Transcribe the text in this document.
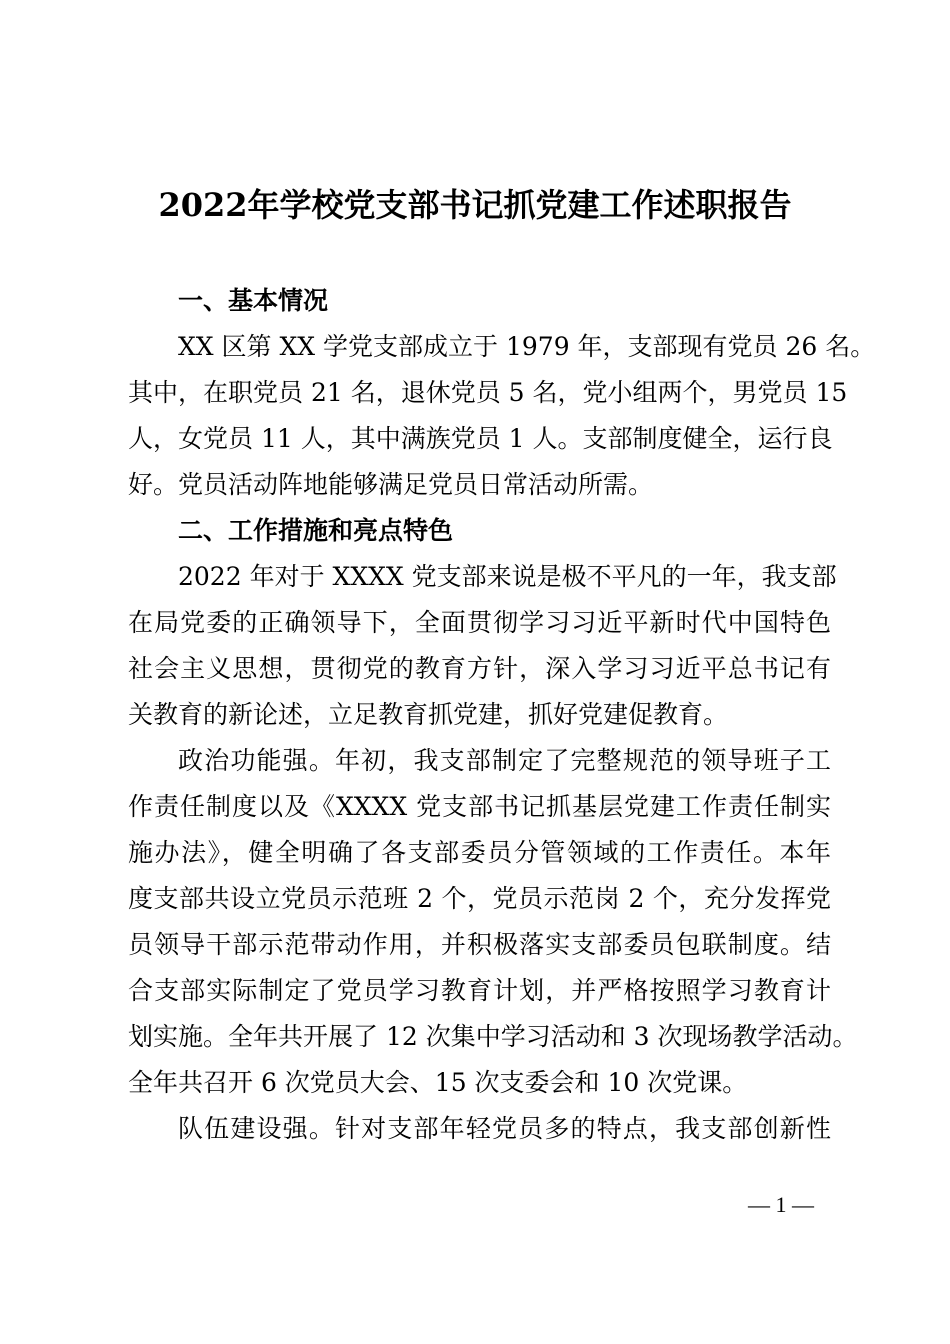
2022年学校党支部书记抓党建工作述职报告
一、基本情况
XX 区第 XX 学党支部成立于 1979 年，支部现有党员 26 名。
其中，在职党员 21 名，退休党员 5 名，党小组两个，男党员 15
人，女党员 11 人，其中满族党员 1 人。支部制度健全，运行良
好。党员活动阵地能够满足党员日常活动所需。
二、工作措施和亮点特色
2022 年对于 XXXX 党支部来说是极不平凡的一年，我支部
在局党委的正确领导下，全面贯彻学习习近平新时代中国特色
社会主义思想，贯彻党的教育方针，深入学习习近平总书记有
关教育的新论述，立足教育抓党建，抓好党建促教育。
政治功能强。年初，我支部制定了完整规范的领导班子工
作责任制度以及《XXXX 党支部书记抓基层党建工作责任制实
施办法》，健全明确了各支部委员分管领域的工作责任。本年
度支部共设立党员示范班 2 个，党员示范岗 2 个，充分发挥党
员领导干部示范带动作用，并积极落实支部委员包联制度。结
合支部实际制定了党员学习教育计划，并严格按照学习教育计
划实施。全年共开展了 12 次集中学习活动和 3 次现场教学活动。
全年共召开 6 次党员大会、15 次支委会和 10 次党课。
队伍建设强。针对支部年轻党员多的特点，我支部创新性
— 1 —
